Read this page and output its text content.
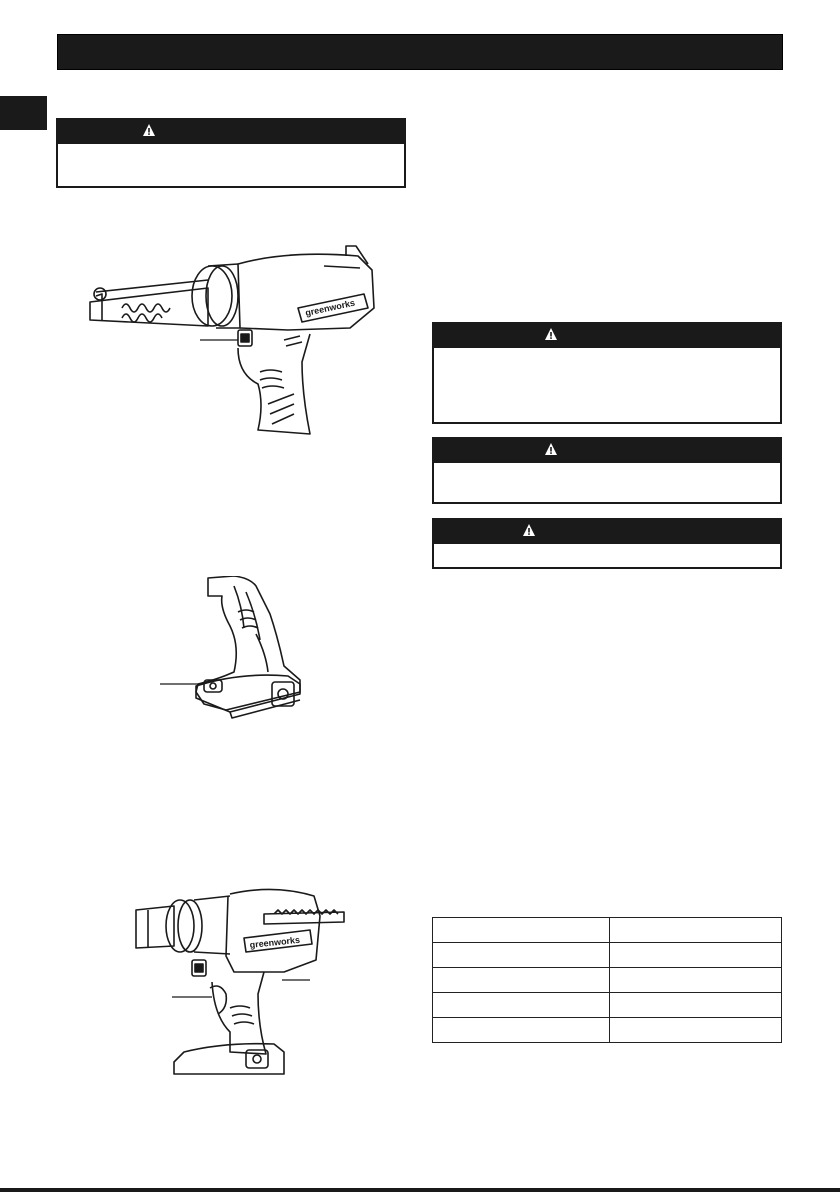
greenworks
greenworks
